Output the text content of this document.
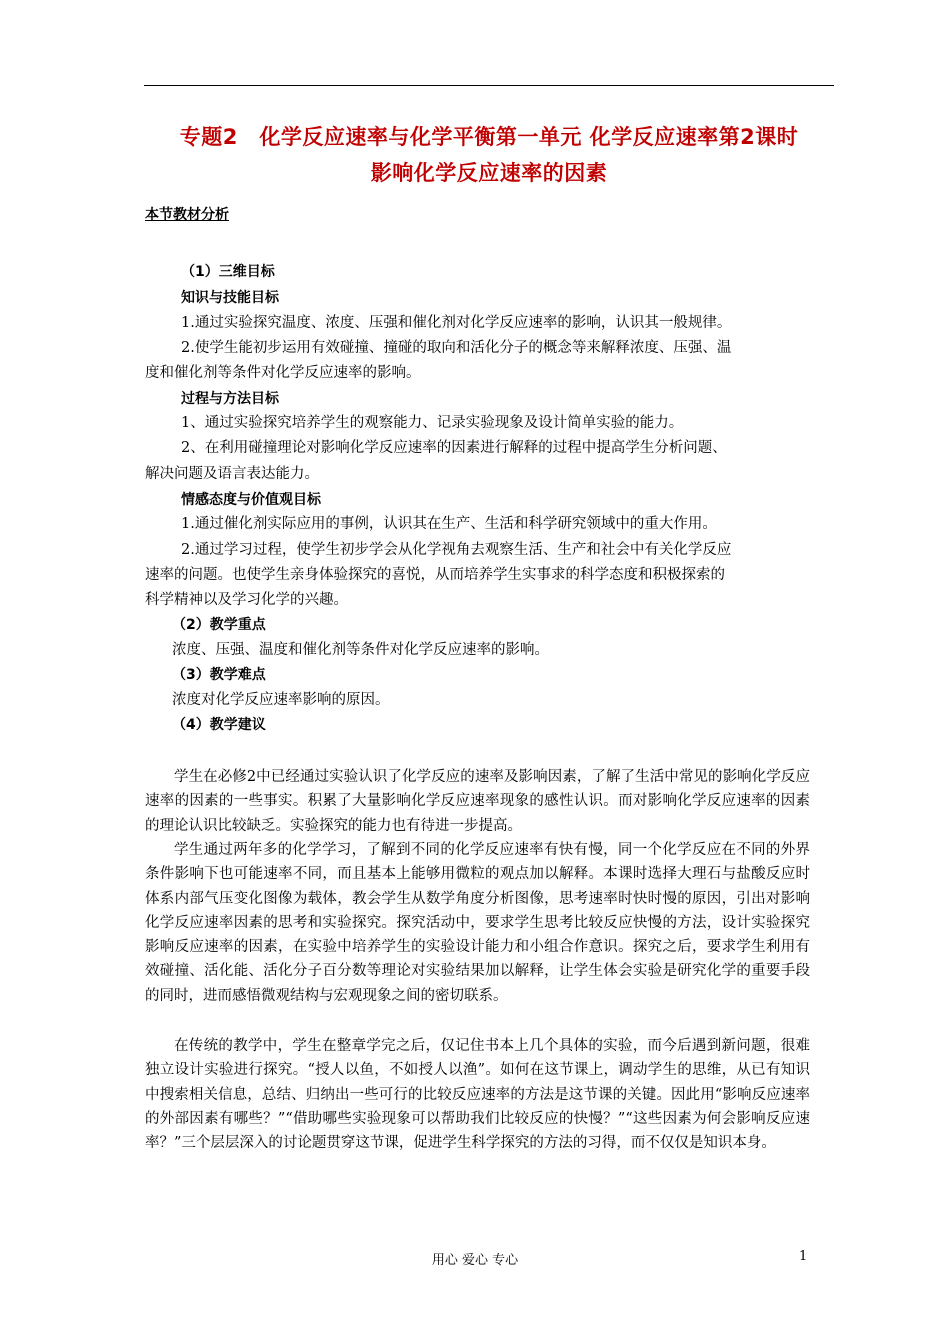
专题2　化学反应速率与化学平衡第一单元 化学反应速率第2课时
影响化学反应速率的因素
本节教材分析
（1）三维目标
知识与技能目标
1.通过实验探究温度、浓度、压强和催化剂对化学反应速率的影响，认识其一般规律。
2.使学生能初步运用有效碰撞、撞碰的取向和活化分子的概念等来解释浓度、压强、温
度和催化剂等条件对化学反应速率的影响。
过程与方法目标
1、通过实验探究培养学生的观察能力、记录实验现象及设计简单实验的能力。
2、在利用碰撞理论对影响化学反应速率的因素进行解释的过程中提高学生分析问题、
解决问题及语言表达能力。
情感态度与价值观目标
1.通过催化剂实际应用的事例，认识其在生产、生活和科学研究领域中的重大作用。
2.通过学习过程，使学生初步学会从化学视角去观察生活、生产和社会中有关化学反应
速率的问题。也使学生亲身体验探究的喜悦，从而培养学生实事求的科学态度和积极探索的
科学精神以及学习化学的兴趣。
（2）教学重点
浓度、压强、温度和催化剂等条件对化学反应速率的影响。
（3）教学难点
浓度对化学反应速率影响的原因。
（4）教学建议
学生在必修2中已经通过实验认识了化学反应的速率及影响因素，了解了生活中常见的影响化学反应速率的因素的一些事实。积累了大量影响化学反应速率现象的感性认识。而对影响化学反应速率的因素的理论认识比较缺乏。实验探究的能力也有待进一步提高。
学生通过两年多的化学学习，了解到不同的化学反应速率有快有慢，同一个化学反应在不同的外界条件影响下也可能速率不同，而且基本上能够用微粒的观点加以解释。本课时选择大理石与盐酸反应时体系内部气压变化图像为载体，教会学生从数学角度分析图像，思考速率时快时慢的原因，引出对影响化学反应速率因素的思考和实验探究。探究活动中，要求学生思考比较反应快慢的方法，设计实验探究影响反应速率的因素，在实验中培养学生的实验设计能力和小组合作意识。探究之后，要求学生利用有效碰撞、活化能、活化分子百分数等理论对实验结果加以解释，让学生体会实验是研究化学的重要手段的同时，进而感悟微观结构与宏观现象之间的密切联系。
在传统的教学中，学生在整章学完之后，仅记住书本上几个具体的实验，而今后遇到新问题，很难独立设计实验进行探究。“授人以鱼，不如授人以渔”。如何在这节课上，调动学生的思维，从已有知识中搜索相关信息，总结、归纳出一些可行的比较反应速率的方法是这节课的关键。因此用“影响反应速率的外部因素有哪些？”“借助哪些实验现象可以帮助我们比较反应的快慢？”“这些因素为何会影响反应速率？”三个层层深入的讨论题贯穿这节课，促进学生科学探究的方法的习得，而不仅仅是知识本身。
用心 爱心 专心	1
